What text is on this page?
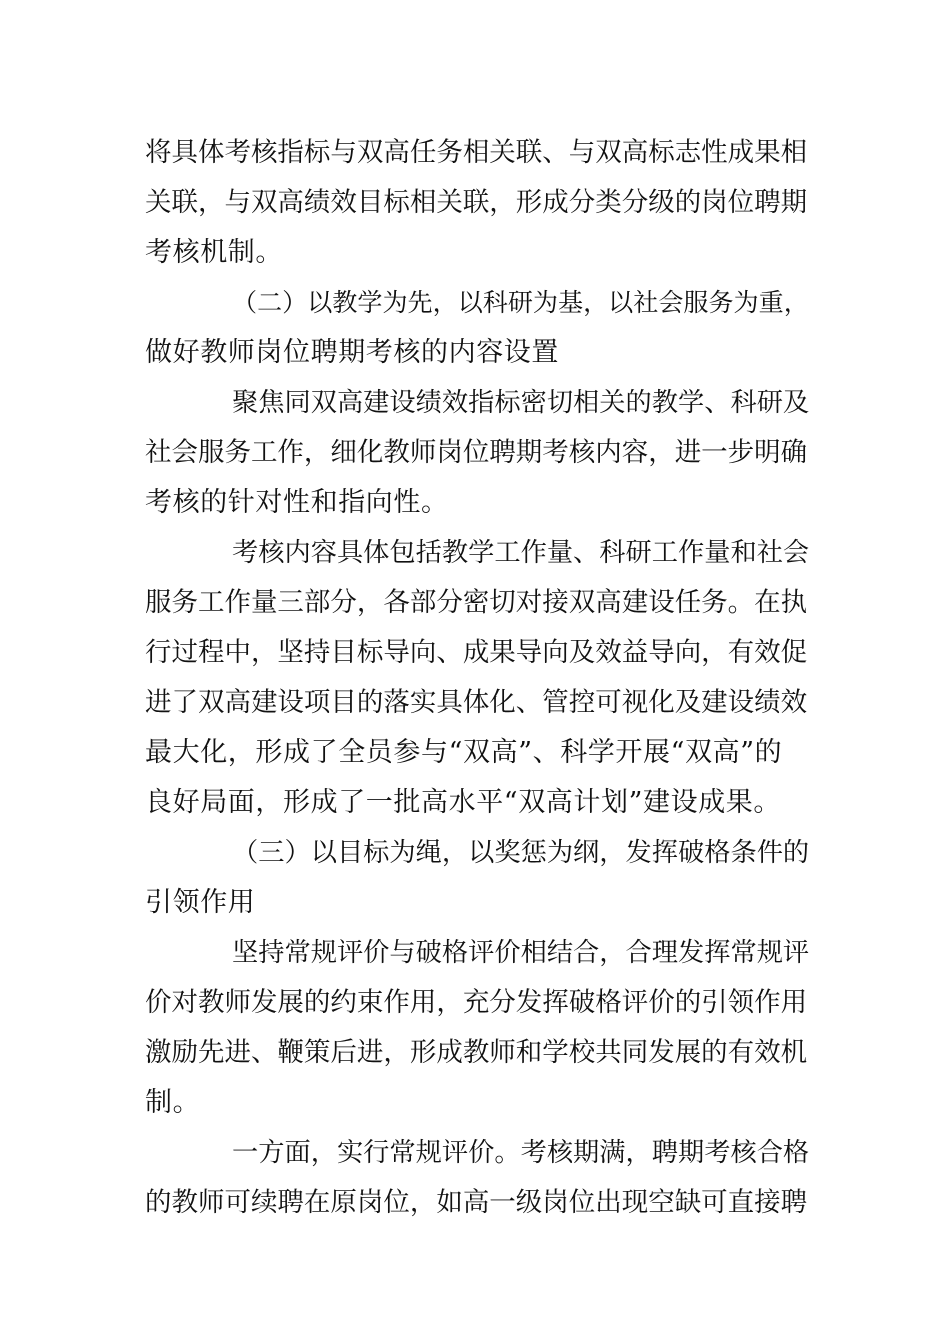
将具体考核指标与双高任务相关联、与双高标志性成果相
关联，与双高绩效目标相关联，形成分类分级的岗位聘期
考核机制。
（二）以教学为先，以科研为基，以社会服务为重，
做好教师岗位聘期考核的内容设置
聚焦同双高建设绩效指标密切相关的教学、科研及
社会服务工作，细化教师岗位聘期考核内容，进一步明确
考核的针对性和指向性。
考核内容具体包括教学工作量、科研工作量和社会
服务工作量三部分，各部分密切对接双高建设任务。在执
行过程中，坚持目标导向、成果导向及效益导向，有效促
进了双高建设项目的落实具体化、管控可视化及建设绩效
最大化，形成了全员参与“双高”、科学开展“双高”的
良好局面，形成了一批高水平“双高计划”建设成果。
（三）以目标为绳，以奖惩为纲，发挥破格条件的
引领作用
坚持常规评价与破格评价相结合，合理发挥常规评
价对教师发展的约束作用，充分发挥破格评价的引领作用
激励先进、鞭策后进，形成教师和学校共同发展的有效机
制。
一方面，实行常规评价。考核期满，聘期考核合格
的教师可续聘在原岗位，如高一级岗位出现空缺可直接聘
